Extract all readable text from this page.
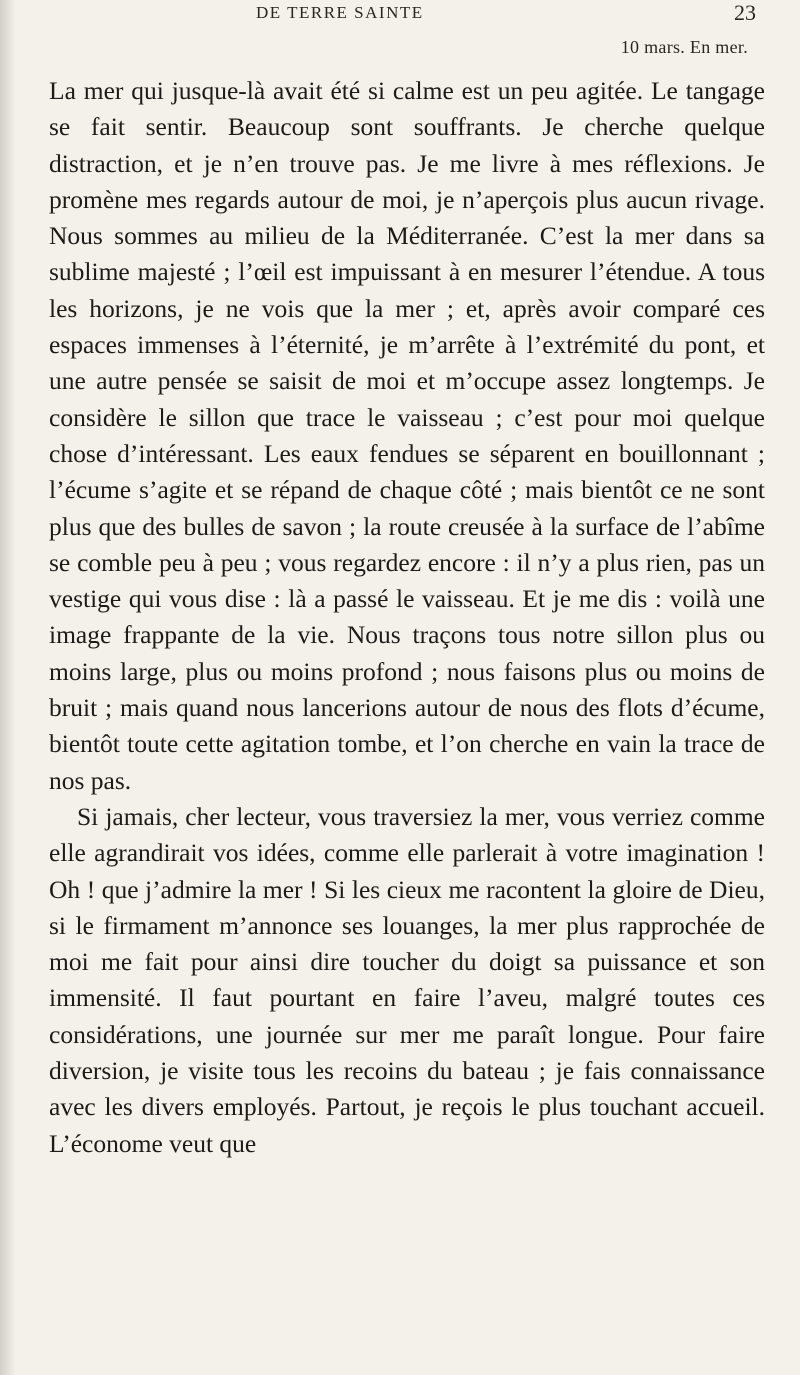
DE TERRE SAINTE	23
10 mars. En mer.

La mer qui jusque-là avait été si calme est un peu agitée. Le tangage se fait sentir. Beaucoup sont souffrants. Je cherche quelque distraction, et je n’en trouve pas. Je me livre à mes réflexions. Je promène mes regards autour de moi, je n’aperçois plus aucun rivage. Nous sommes au milieu de la Méditerranée. C’est la mer dans sa sublime majesté ; l’œil est impuissant à en mesurer l’étendue. A tous les horizons, je ne vois que la mer ; et, après avoir comparé ces espaces immenses à l’éternité, je m’arrête à l’extrémité du pont, et une autre pensée se saisit de moi et m’occupe assez longtemps. Je considère le sillon que trace le vaisseau ; c’est pour moi quelque chose d’intéressant. Les eaux fendues se séparent en bouillonnant ; l’écume s’agite et se répand de chaque côté ; mais bientôt ce ne sont plus que des bulles de savon ; la route creusée à la surface de l’abîme se comble peu à peu ; vous regardez encore : il n’y a plus rien, pas un vestige qui vous dise : là a passé le vaisseau. Et je me dis : voilà une image frappante de la vie. Nous traçons tous notre sillon plus ou moins large, plus ou moins profond ; nous faisons plus ou moins de bruit ; mais quand nous lancerions autour de nous des flots d’écume, bientôt toute cette agitation tombe, et l’on cherche en vain la trace de nos pas.

Si jamais, cher lecteur, vous traversiez la mer, vous verriez comme elle agrandirait vos idées, comme elle parlerait à votre imagination ! Oh ! que j’admire la mer ! Si les cieux me racontent la gloire de Dieu, si le firmament m’annonce ses louanges, la mer plus rapprochée de moi me fait pour ainsi dire toucher du doigt sa puissance et son immensité. Il faut pourtant en faire l’aveu, malgré toutes ces considérations, une journée sur mer me paraît longue. Pour faire diversion, je visite tous les recoins du bateau ; je fais connaissance avec les divers employés. Partout, je reçois le plus touchant accueil. L’économe veut que
